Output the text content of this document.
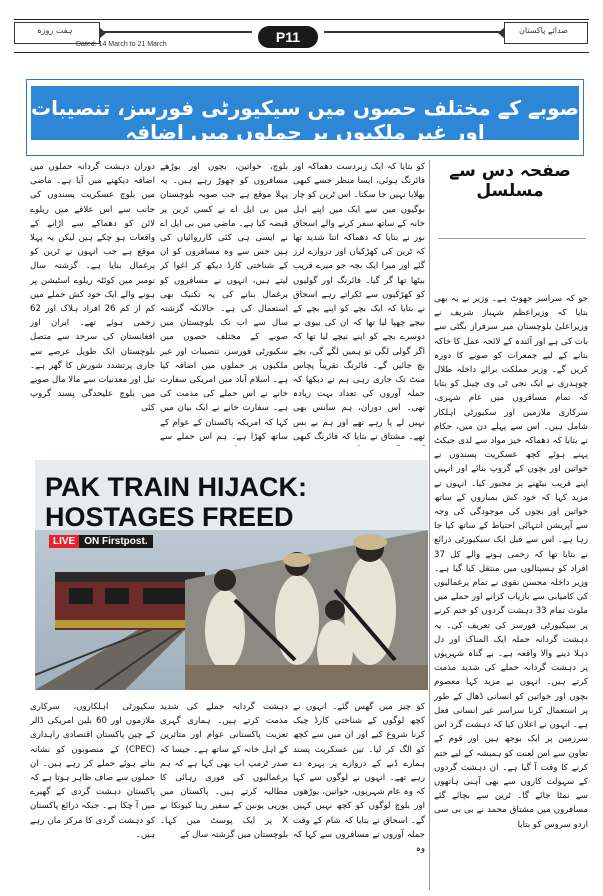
ہفت روزہ	صدائے پاکستان
P11
Dated: 14 March to 21 March
صوبے کے مختلف حصوں میں سیکیورٹی فورسز، تنصیبات اور غیر ملکیوں پر حملوں میں اضافہ
صفحہ دس سے مسلسل
جو کہ سراسر جھوٹ ہے۔ وزیر نے یہ بھی بتایا کہ وزیراعظم شہباز شریف نے وزیراعلیٰ بلوچستان میر سرفراز بگٹی سے بات کی ہے اور آئندہ کے لائحہ عمل کا خاکہ بنانے کے لیے جمعرات کو صوبے کا دورہ کریں گے۔ وزیر مملکت برائے داخلہ طلال چوہدری نے ایک نجی ٹی وی چینل کو بتایا کہ تمام مسافروں میں عام شہری، سرکاری ملازمین اور سکیورٹی اہلکار شامل ہیں۔ اس سے پہلے دن میں، حکام نے بتایا کہ دھماکہ خیز مواد سے لدی جیکٹ پہنے ہوئے کچھ عسکریت پسندوں نے خواتین اور بچوں کے گروپ بنائے اور انہیں اپنے قریب بیٹھنے پر مجبور کیا۔ انہوں نے مزید کہا کہ خود کش بمباروں کے ساتھ خواتین اور بچوں کی موجودگی کی وجہ سے آپریشن انتہائی احتیاط کے ساتھ کیا جا رہا ہے۔ اس سے قبل ایک سیکیورٹی ذرائع نے بتایا تھا کہ زخمی ہونے والے کل 37 افراد کو ہسپتالوں میں منتقل کیا گیا ہے۔ وزیر داخلہ محسن نقوی نے تمام یرغمالیوں کی کامیابی سے بازیاب کرانے اور حملے میں ملوث تمام 33 دہشت گردوں کو ختم کرنے پر سیکیورٹی فورسز کی تعریف کی۔ یہ دہشت گردانہ حملہ ایک المناک اور دل دہلا دینے والا واقعہ ہے۔ بے گناہ شہریوں پر دہشت گردانہ حملے کی شدید مذمت کرتے ہیں۔ انہوں نے مزید کہا معصوم بچوں اور خواتین کو انسانی ڈھال کے طور پر استعمال کرنا سراسر غیر انسانی فعل ہے۔ انہوں نے اعلان کیا کہ دہشت گرد اس سرزمین پر ایک بوجھ ہیں اور قوم کے تعاون سے اس لعنت کو ہمیشہ کے لیے ختم کرنے کا وقت آ گیا ہے۔ ان دہشت گردوں کے سہولت کاروں سے بھی آہنی ہاتھوں سے نمٹا جائے گا۔ ٹرین سے بچائے گئے مسافروں میں مشتاق محمد نے بی بی سی اردو سروس کو بتایا
کو بتایا کہ ایک زبردست دھماکہ اور فائرنگ ہوئی، ایسا منظر جسے کبھی بھلایا نہیں جا سکتا۔ اس ٹرین کو چار بوگیوں میں سے ایک میں اپنے اہل خانہ کے ساتھ سفر کرنے والے اسحاق نور نے بتایا کہ دھماکہ اتنا شدید تھا کہ ٹرین کی کھڑکیاں اور دروازے لرز گئے اور میرا ایک بچہ جو میرے قریب بیٹھا تھا گر گیا۔ فائرنگ اور گولیوں کو کھڑکیوں سے ٹکراتے رہے اسحاق نے بتایا کہ ایک بچے کو اپنے بچے کے نیچے چھپا لیا تھا کہ ان کی بیوی نے دوسرے بچے کو اپنے نیچے لیا تھا کہ اگر گولی لگی تو ہمیں لگے گی، بچے بچ جائیں گے۔ فائرنگ تقریباً پچاس منٹ تک جاری رہی ہم نے دیکھا کہ حملہ آوروں کی تعداد بہت زیادہ تھی۔ اس دوران، ہم سانس بھی نہیں لے پا رہے تھے اور ہم بے بس تھے۔ مشتاق نے بتایا کہ فائرنگ کبھی
بلوچ، خواتین، بچوں اور بوڑھے مسافروں کو چھوڑ رہے ہیں۔ یہ پہلا موقع ہے جب صوبہ بلوچستان میں بی ایل اے نے کسی ٹرین پر قبضہ کیا ہے۔ ماضی میں بی ایل اے نے ایسی ہی کئی کارروائیاں کی ہیں جس سے وہ مسافروں کو ان کے شناختی کارڈ دیکھ کر اغوا کر لیتے ہیں، انہوں نے مسافروں کو یرغمال بنانے کی یہ تکنیک بھی استعمال کی ہے۔ حالانکہ گزشتہ سال سے اب تک بلوچستان میں صوبے کے مختلف حصوں میں سکیورٹی فورسز، تنصیبات اور غیر ملکیوں پر حملوں میں اضافہ کیا ہے۔ اسلام آباد میں امریکی سفارت خانے نے اس حملے کی مذمت کی ہے۔ سفارت خانے نے ایک بیان میں کہا کہ امریکہ پاکستان کے عوام کے ساتھ کھڑا ہے۔ ہم اس حملے سے
دوران دہشت گردانہ حملوں میں اضافہ دیکھنے میں آیا ہے۔ ماضی میں بلوچ عسکریت پسندوں کی جانب سے اس علاقے میں ریلوے لائن کو دھماکے سے اڑانے کے واقعات ہو چکے ہیں لیکن یہ پہلا موقع ہے جب انہوں نے ٹرین کو یرغمال بنایا ہے۔ گزشتہ سال نومبر میں کوئٹہ ریلوے اسٹیشن پر ہونے والے ایک خود کش حملے میں کم از کم 26 افراد ہلاک اور 62 زخمی ہوئے تھے۔ ایران اور افغانستان کی سرحد سے متصل بلوچستان ایک طویل عرصے سے جاری پرتشدد شورش کا گھر ہے۔ تیل اور معدنیات سے مالا مال صوبے میں بلوچ علیحدگی پسند گروپ کئی
PAK TRAIN HIJACK:
HOSTAGES FREED
LIVE ON Firstpost.
کو چیز میں گھس گئے۔ انہوں نے کچھ لوگوں کے شناختی کارڈ چیک کرنا شروع کیے اور ان میں سے کچھ کو الگ کر لیا۔ تین عسکریت پسند ہمارے ڈبے کے دروازے پر پہرہ دے رہے تھے۔ انہوں نے لوگوں سے کہا کہ وہ عام شہریوں، خواتین، بوڑھوں اور بلوچ لوگوں کو کچھ نہیں کہیں گے۔ اسحاق نے بتایا کہ شام کے وقت حملہ آوروں نے مسافروں سے کہا کہ وہ
دہشت گردانہ حملے کی شدید مذمت کرتے ہیں۔ ہماری گہری تعزیت پاکستانی عوام اور متاثرین کے اہل خانہ کے ساتھ ہے۔ جیسا کہ صدر ٹرمپ اب بھی کہا ہے کہ ہم یرغمالیوں کی فوری رہائی کا مطالبہ کرتے ہیں۔ پاکستان میں یورپی یونین کے سفیر رینا کیونکا نے X پر ایک پوسٹ میں کہا۔ بلوچستان میں گزشتہ سال کے
سکیورٹی اہلکاروں، سرکاری ملازموں اور 60 بلین امریکی ڈالر کے چین پاکستان اقتصادی راہداری (CPEC) کے منصوبوں کو نشانہ بناتے ہوئے حملے کر رہے ہیں۔ ان حملوں سے صاف ظاہر ہوتا ہے کہ پاکستان دہشت گردی کے گھیرے میں آ چکا ہے۔ جبکہ ذرائع پاکستان کو دہشت گردی کا مرکز مان رہے ہیں۔
